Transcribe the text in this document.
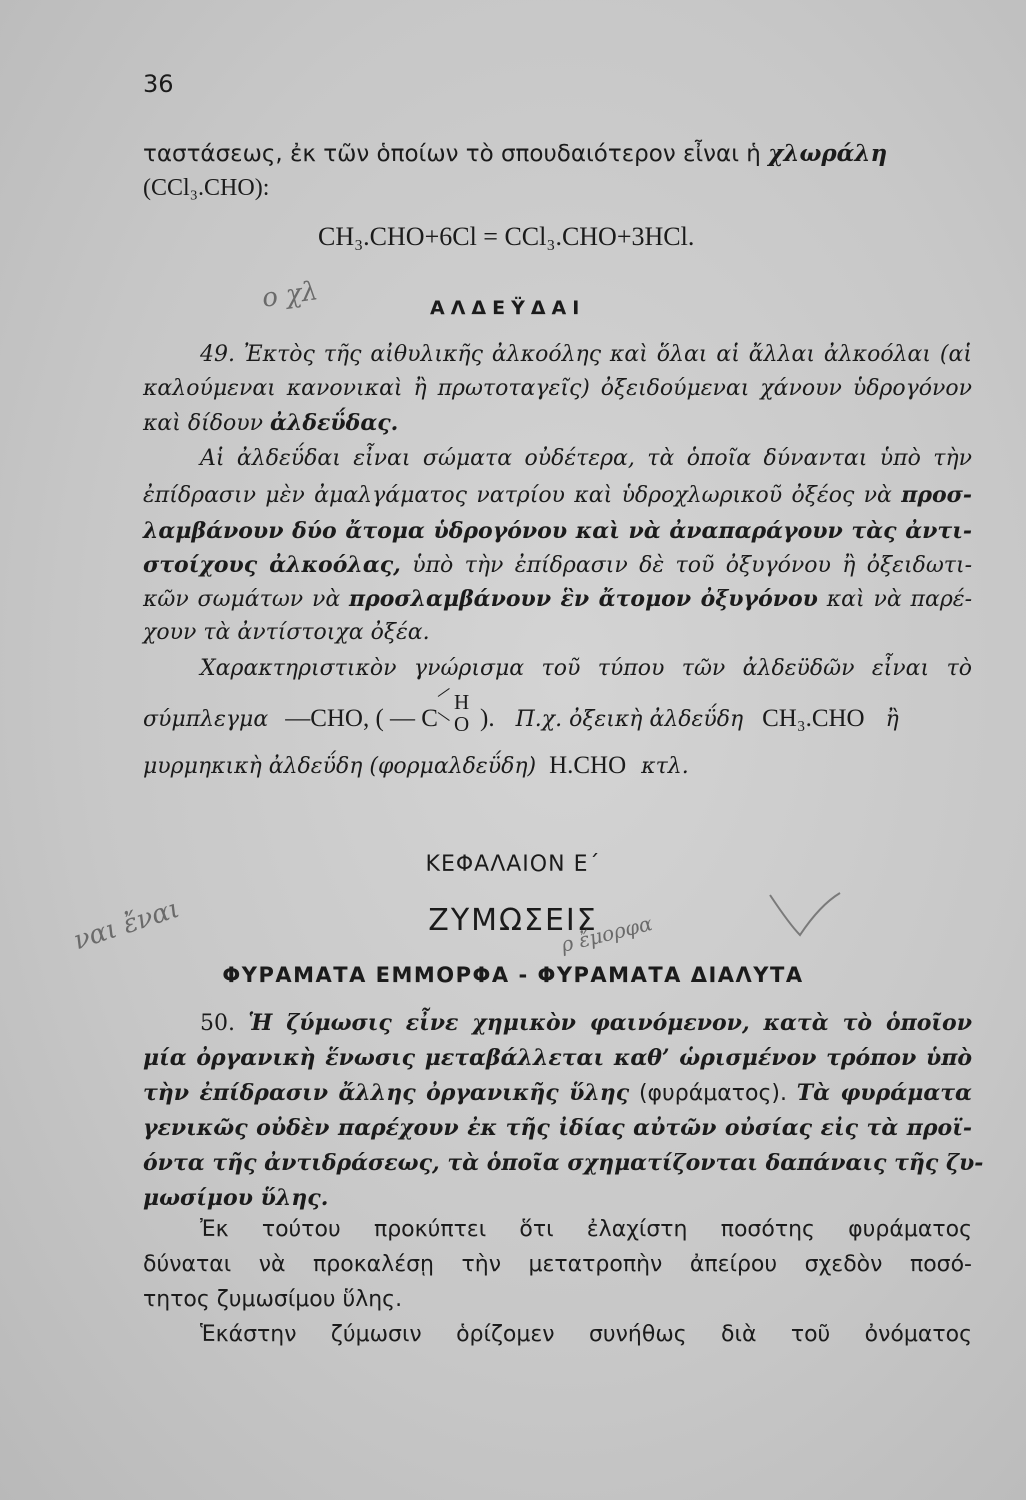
36
ταστάσεως, ἐκ τῶν ὁποίων τὸ σπουδαιότερον εἶναι ἡ χλωράλη
(CCl₃.CHO):
CH₃.CHO+6Cl = CCl₃.CHO+3HCl.
ο χλ	ΑΛΔΕΫΔΑΙ
49. Ἐκτὸς τῆς αἰθυλικῆς ἀλκοόλης καὶ ὅλαι αἱ ἄλλαι ἀλκοόλαι (αἱ
καλούμεναι κανονικαὶ ἢ πρωτοταγεῖς) ὀξειδούμεναι χάνουν ὑδρογόνον
καὶ δίδουν ἀλδεΰδας.
Αἱ ἀλδεΰδαι εἶναι σώματα οὐδέτερα, τὰ ὁποῖα δύνανται ὑπὸ τὴν
ἐπίδρασιν μὲν ἀμαλγάματος νατρίου καὶ ὑδροχλωρικοῦ ὀξέος νὰ προσ-
λαμβάνουν δύο ἄτομα ὑδρογόνου καὶ νὰ ἀναπαράγουν τὰς ἀντι-
στοίχους ἀλκοόλας, ὑπὸ τὴν ἐπίδρασιν δὲ τοῦ ὀξυγόνου ἢ ὀξειδωτι-
κῶν σωμάτων νὰ προσλαμβάνουν ἓν ἄτομον ὀξυγόνου καὶ νὰ παρέ-
χουν τὰ ἀντίστοιχα ὀξέα.
Χαρακτηριστικὸν γνώρισμα τοῦ τύπου τῶν ἀλδεϋδῶν εἶναι τὸ
σύμπλεγμα —CHO, ( — C
H
O ). Π.χ. ὀξεικὴ ἀλδεΰδη CH₃.CHO ἢ
μυρμηκικὴ ἀλδεΰδη (φορμαλδεΰδη) H.CHO κτλ.
ΚΕΦΑΛΑΙΟΝ Ε΄
ΖΥΜΩΣΕΙΣ
ΦΥΡΑΜΑΤΑ ΕΜΜΟΡΦΑ - ΦΥΡΑΜΑΤΑ ΔΙΑΛΥΤΑ
ναι ἔναι	ρ ἔμορφα
50. Ἡ ζύμωσις εἶνε χημικὸν φαινόμενον, κατὰ τὸ ὁποῖον
μία ὀργανικὴ ἕνωσις μεταβάλλεται καθ’ ὡρισμένον τρόπον ὑπὸ
τὴν ἐπίδρασιν ἄλλης ὀργανικῆς ὕλης (φυράματος). Τὰ φυράματα
γενικῶς οὐδὲν παρέχουν ἐκ τῆς ἰδίας αὐτῶν οὐσίας εἰς τὰ προϊ-
όντα τῆς ἀντιδράσεως, τὰ ὁποῖα σχηματίζονται δαπάναις τῆς ζυ-
μωσίμου ὕλης.
Ἐκ τούτου προκύπτει ὅτι ἐλαχίστη ποσότης φυράματος
δύναται νὰ προκαλέσῃ τὴν μετατροπὴν ἀπείρου σχεδὸν ποσό-
τητος ζυμωσίμου ὕλης.
Ἑκάστην ζύμωσιν ὁρίζομεν συνήθως διὰ τοῦ ὀνόματος
